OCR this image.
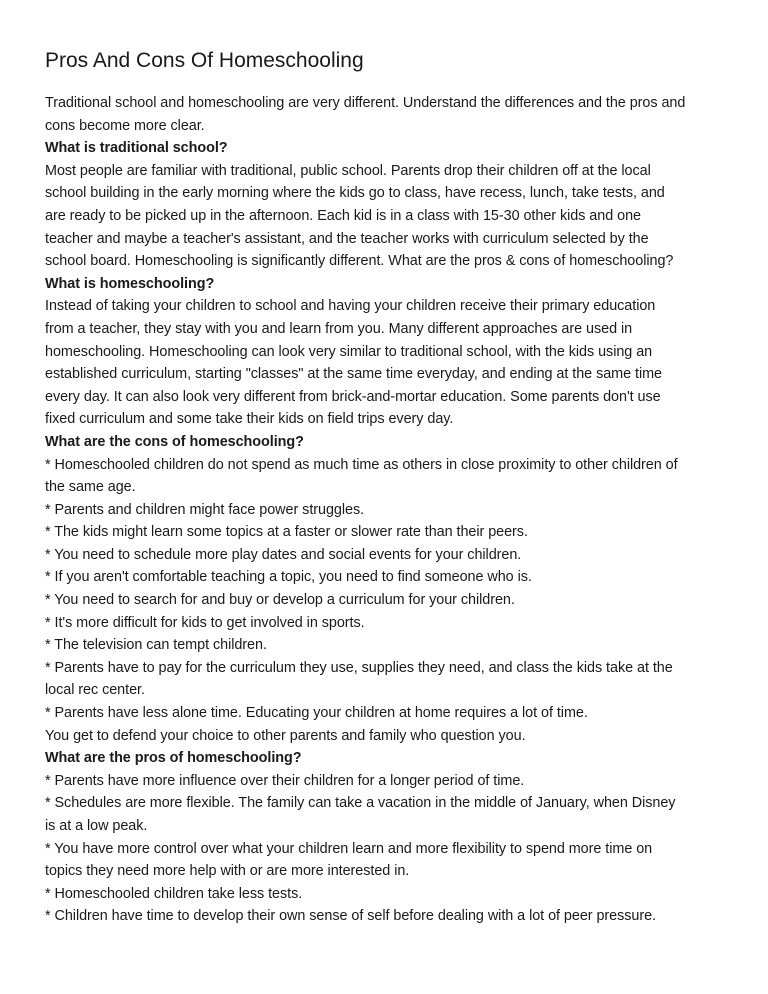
Pros And Cons Of Homeschooling
Traditional school and homeschooling are very different. Understand the differences and the pros and
cons become more clear.
What is traditional school?
Most people are familiar with traditional, public school. Parents drop their children off at the local
school building in the early morning where the kids go to class, have recess, lunch, take tests, and
are ready to be picked up in the afternoon. Each kid is in a class with 15-30 other kids and one
teacher and maybe a teacher's assistant, and the teacher works with curriculum selected by the
school board. Homeschooling is significantly different. What are the pros & cons of homeschooling?
What is homeschooling?
Instead of taking your children to school and having your children receive their primary education
from a teacher, they stay with you and learn from you. Many different approaches are used in
homeschooling. Homeschooling can look very similar to traditional school, with the kids using an
established curriculum, starting "classes" at the same time everyday, and ending at the same time
every day. It can also look very different from brick-and-mortar education. Some parents don't use
fixed curriculum and some take their kids on field trips every day.
What are the cons of homeschooling?
* Homeschooled children do not spend as much time as others in close proximity to other children of
the same age.
* Parents and children might face power struggles.
* The kids might learn some topics at a faster or slower rate than their peers.
* You need to schedule more play dates and social events for your children.
* If you aren't comfortable teaching a topic, you need to find someone who is.
* You need to search for and buy or develop a curriculum for your children.
* It's more difficult for kids to get involved in sports.
* The television can tempt children.
* Parents have to pay for the curriculum they use, supplies they need, and class the kids take at the
local rec center.
* Parents have less alone time. Educating your children at home requires a lot of time.
You get to defend your choice to other parents and family who question you.
What are the pros of homeschooling?
* Parents have more influence over their children for a longer period of time.
* Schedules are more flexible. The family can take a vacation in the middle of January, when Disney
is at a low peak.
* You have more control over what your children learn and more flexibility to spend more time on
topics they need more help with or are more interested in.
* Homeschooled children take less tests.
* Children have time to develop their own sense of self before dealing with a lot of peer pressure.
